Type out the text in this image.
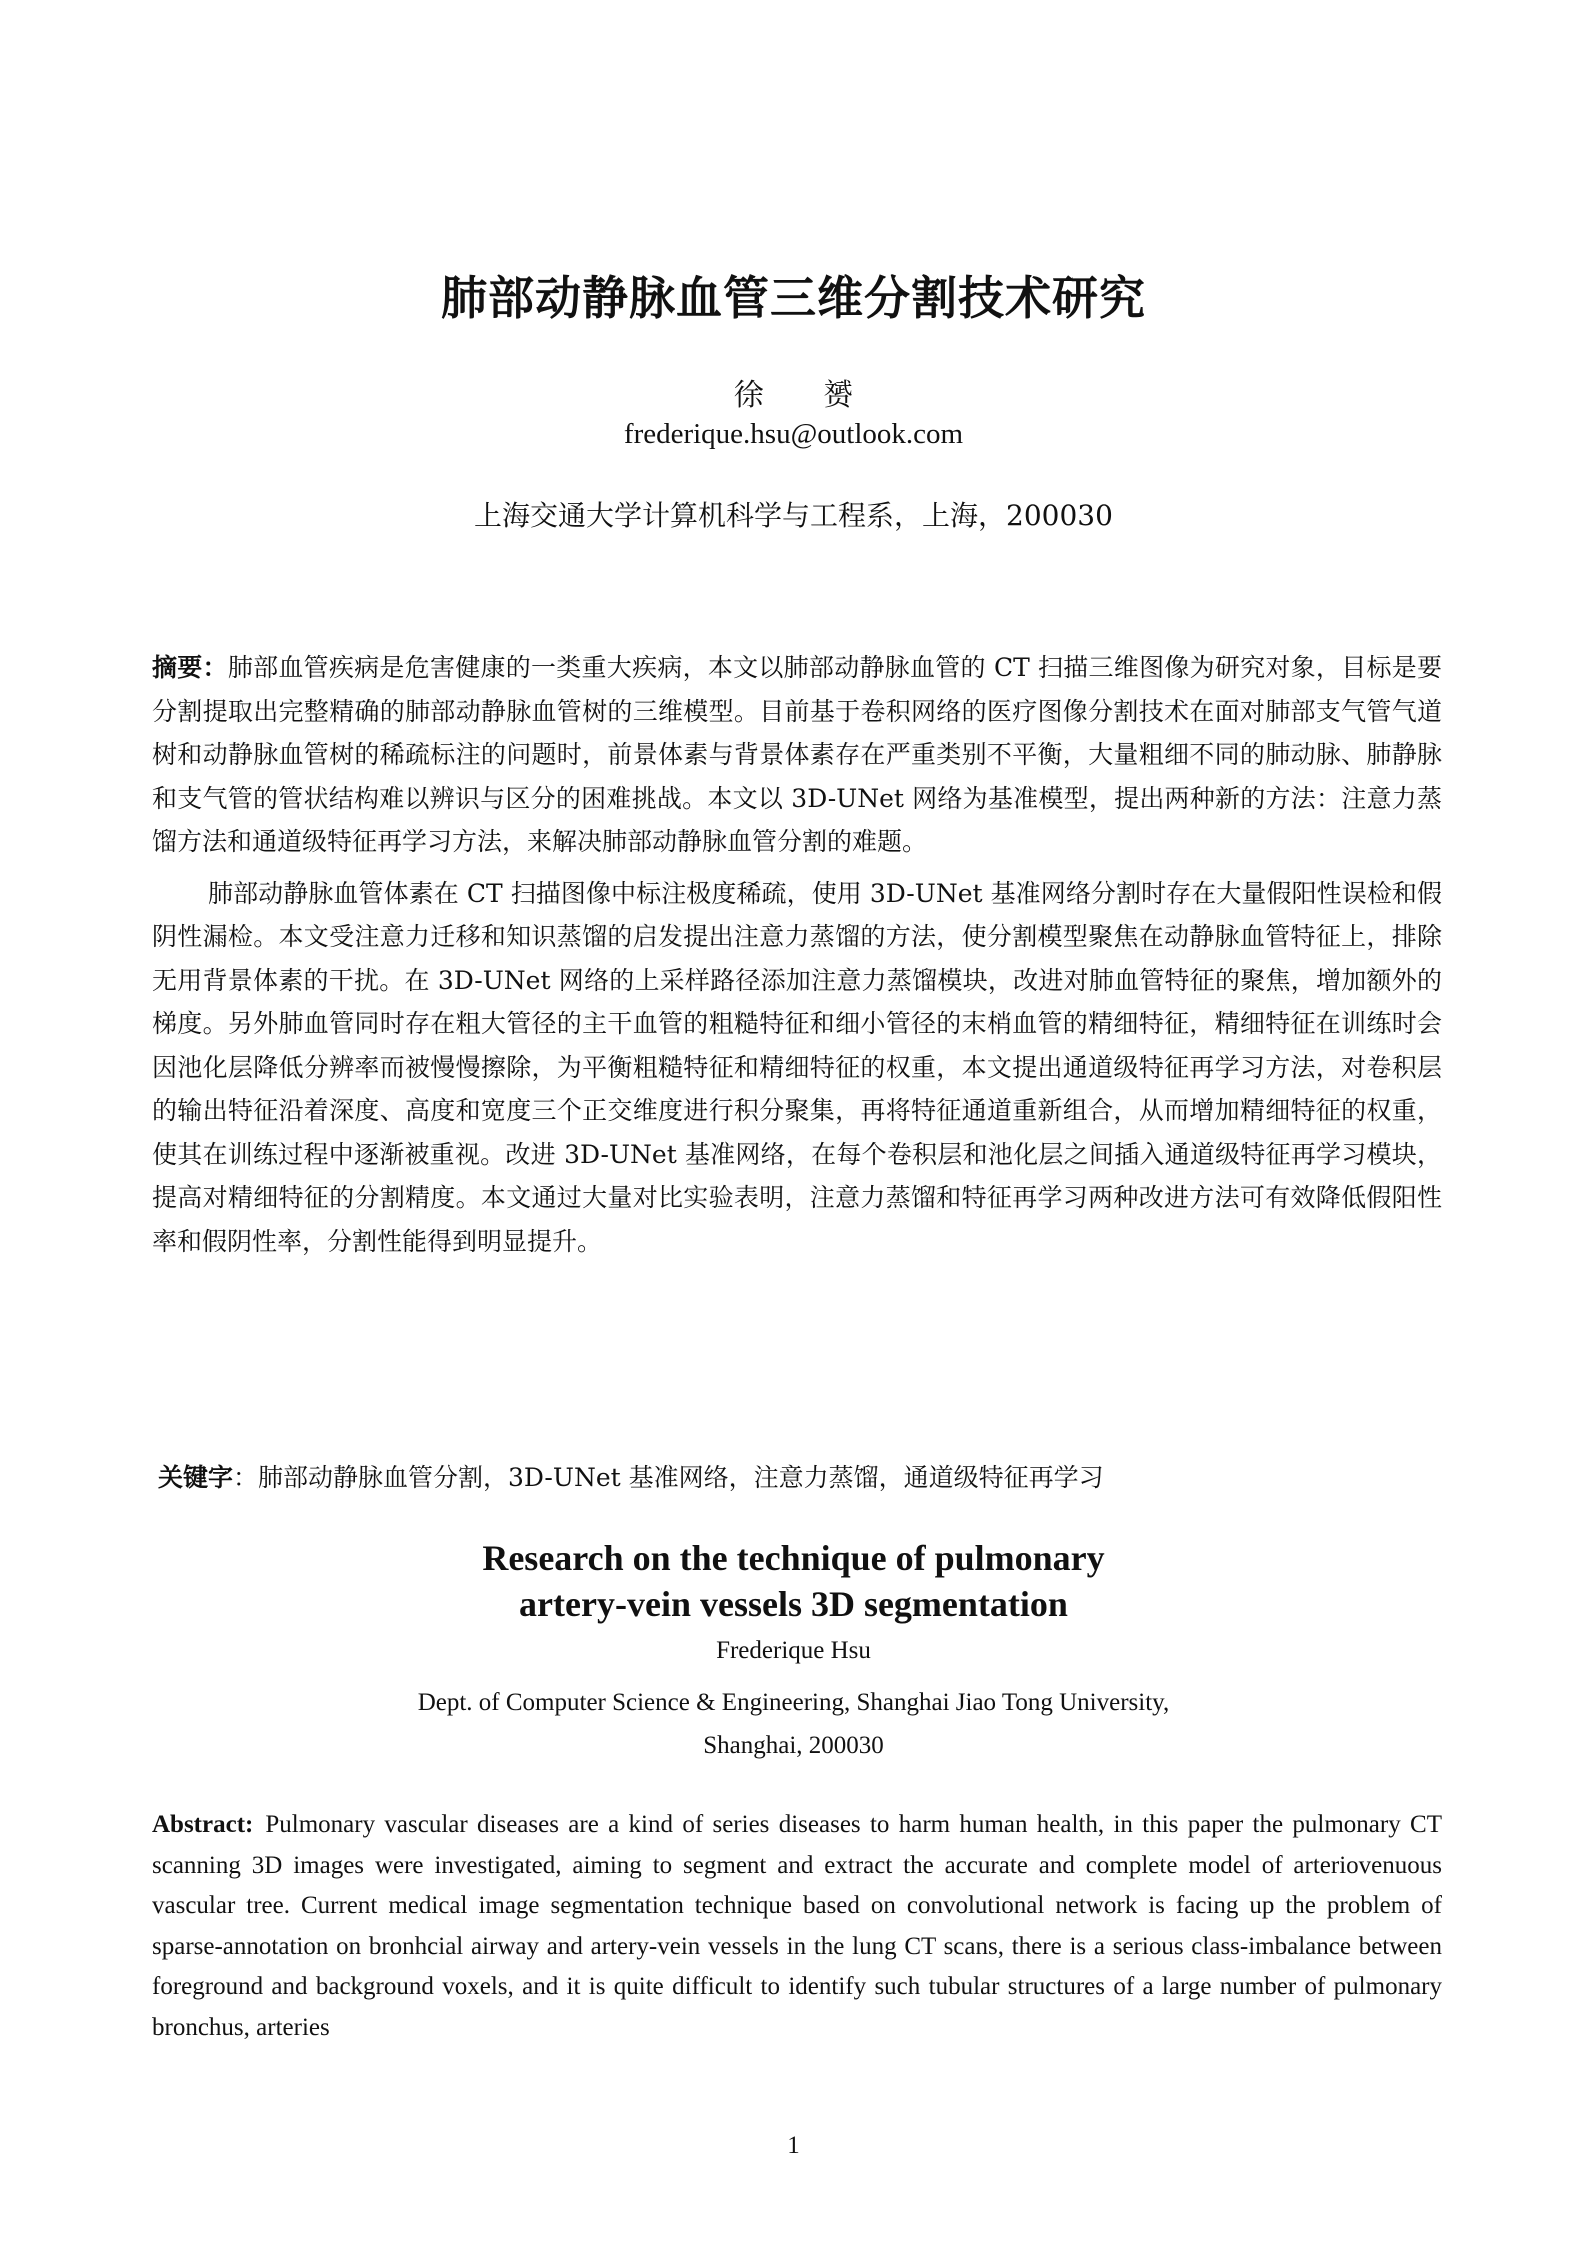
肺部动静脉血管三维分割技术研究
徐 赟
frederique.hsu@outlook.com
上海交通大学计算机科学与工程系，上海，200030

摘要：肺部血管疾病是危害健康的一类重大疾病，本文以肺部动静脉血管的 CT 扫描三维图像为研究对象，目标是要分割提取出完整精确的肺部动静脉血管树的三维模型。目前基于卷积网络的医疗图像分割技术在面对肺部支气管气道树和动静脉血管树的稀疏标注的问题时，前景体素与背景体素存在严重类别不平衡，大量粗细不同的肺动脉、肺静脉和支气管的管状结构难以辨识与区分的困难挑战。本文以 3D-UNet 网络为基准模型，提出两种新的方法：注意力蒸馏方法和通道级特征再学习方法，来解决肺部动静脉血管分割的难题。

肺部动静脉血管体素在 CT 扫描图像中标注极度稀疏，使用 3D-UNet 基准网络分割时存在大量假阳性误检和假阴性漏检。本文受注意力迁移和知识蒸馏的启发提出注意力蒸馏的方法，使分割模型聚焦在动静脉血管特征上，排除无用背景体素的干扰。在 3D-UNet 网络的上采样路径添加注意力蒸馏模块，改进对肺血管特征的聚焦，增加额外的梯度。另外肺血管同时存在粗大管径的主干血管的粗糙特征和细小管径的末梢血管的精细特征，精细特征在训练时会因池化层降低分辨率而被慢慢擦除，为平衡粗糙特征和精细特征的权重，本文提出通道级特征再学习方法，对卷积层的输出特征沿着深度、高度和宽度三个正交维度进行积分聚集，再将特征通道重新组合，从而增加精细特征的权重，使其在训练过程中逐渐被重视。改进 3D-UNet 基准网络，在每个卷积层和池化层之间插入通道级特征再学习模块，提高对精细特征的分割精度。本文通过大量对比实验表明，注意力蒸馏和特征再学习两种改进方法可有效降低假阳性率和假阴性率，分割性能得到明显提升。

关键字：肺部动静脉血管分割，3D-UNet 基准网络，注意力蒸馏，通道级特征再学习
Research on the technique of pulmonary
artery-vein vessels 3D segmentation
Frederique Hsu
Dept. of Computer Science & Engineering, Shanghai Jiao Tong University,
Shanghai, 200030
Abstract: Pulmonary vascular diseases are a kind of series diseases to harm human health, in this paper the pulmonary CT scanning 3D images were investigated, aiming to segment and extract the accurate and complete model of arteriovenuous vascular tree. Current medical image segmentation technique based on convolutional network is facing up the problem of sparse-annotation on bronhcial airway and artery-vein vessels in the lung CT scans, there is a serious class-imbalance between foreground and background voxels, and it is quite difficult to identify such tubular structures of a large number of pulmonary bronchus, arteries
1
